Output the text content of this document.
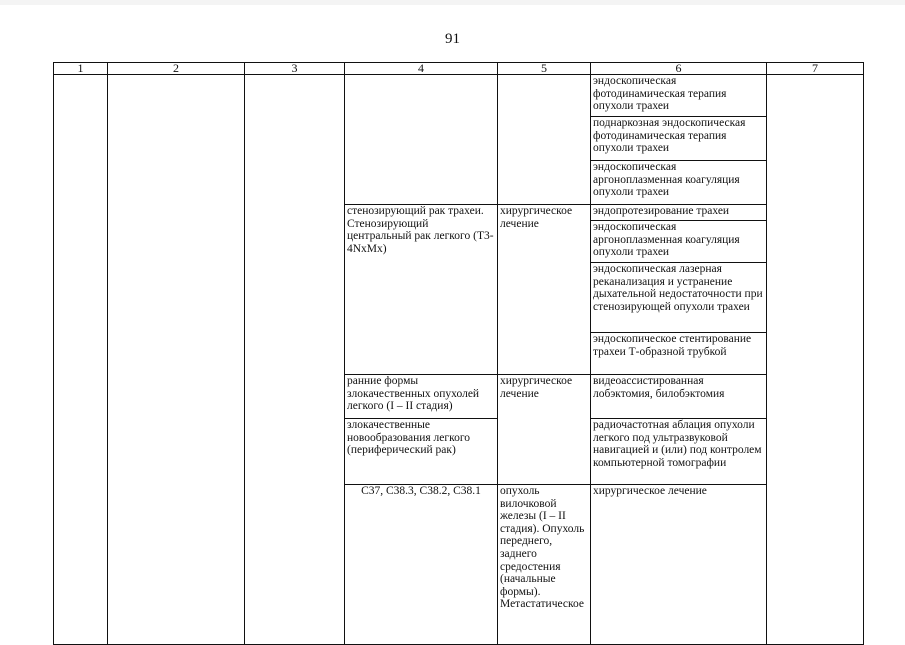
91
1	2	3	4	5	6	7	
					эндоскопическая фотодинамическая терапия опухоли трахеи		
					поднаркозная эндоскопическая фотодинамическая терапия опухоли трахеи		
					эндоскопическая аргоноплазменная коагуляция опухоли трахеи		
			стенозирующий рак трахеи. Стенозирующий центральный рак легкого (T3-4NxMx)	хирургическое лечение	эндопротезирование трахеи		
					эндоскопическая аргоноплазменная коагуляция опухоли трахеи		
					эндоскопическая лазерная реканализация и устранение дыхательной недостаточности при стенозирующей опухоли трахеи		
					эндоскопическое стентирование трахеи Т-образной трубкой		
			ранние формы злокачественных опухолей легкого (I – II стадия)	хирургическое лечение	видеоассистированная лобэктомия, билобэктомия		
			злокачественные новообразования легкого (периферический рак)		радиочастотная аблация опухоли легкого под ультразвуковой навигацией и (или) под контролем компьютерной томографии		
			C37, C38.3, C38.2, C38.1	опухоль вилочковой железы (I – II стадия). Опухоль переднего, заднего средостения (начальные формы). Метастатическое	хирургическое лечение	
